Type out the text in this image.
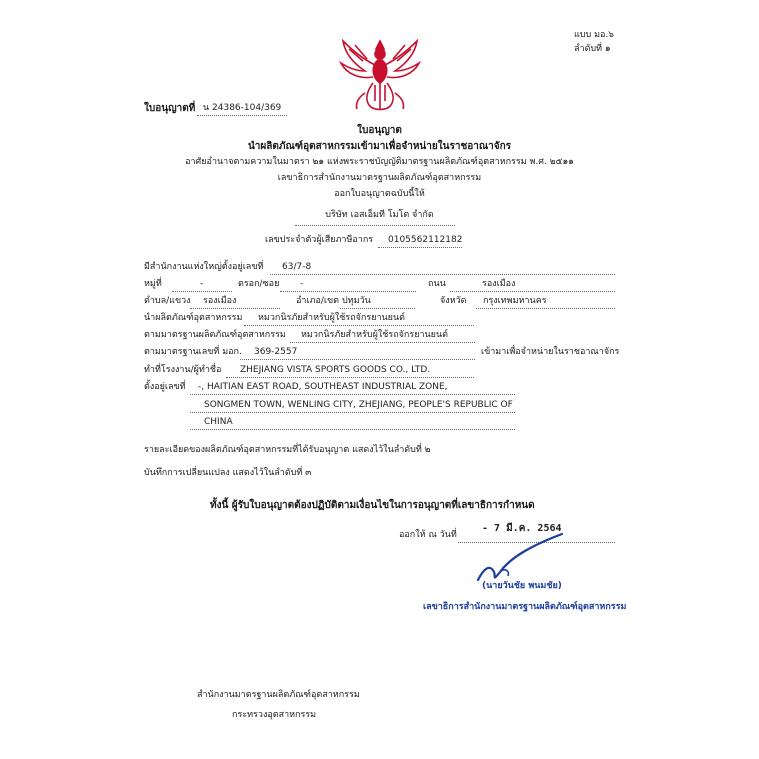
แบบ มอ.๖
ลำดับที่ ๑
ใบอนุญาตที่ น 24386-104/369
ใบอนุญาต
นำผลิตภัณฑ์อุตสาหกรรมเข้ามาเพื่อจำหน่ายในราชอาณาจักร
อาศัยอำนาจตามความในมาตรา ๒๑ แห่งพระราชบัญญัติมาตรฐานผลิตภัณฑ์อุตสาหกรรม พ.ศ. ๒๕๑๑
เลขาธิการสำนักงานมาตรฐานผลิตภัณฑ์อุตสาหกรรม
ออกใบอนุญาตฉบับนี้ให้
บริษัท เอสเอ็มที โมโต จำกัด
เลขประจำตัวผู้เสียภาษีอากร 0105562112182
มีสำนักงานแห่งใหญ่ตั้งอยู่เลขที่ 63/7-8
หมู่ที่	-	ตรอก/ซอย -	ถนน	รองเมือง
ตำบล/แขวง รองเมือง	อำเภอ/เขต ปทุมวัน	จังหวัด กรุงเทพมหานคร
นำผลิตภัณฑ์อุตสาหกรรม หมวกนิรภัยสำหรับผู้ใช้รถจักรยานยนต์
ตามมาตรฐานผลิตภัณฑ์อุตสาหกรรม หมวกนิรภัยสำหรับผู้ใช้รถจักรยานยนต์
ตามมาตรฐานเลขที่ มอก. 369-2557	เข้ามาเพื่อจำหน่ายในราชอาณาจักร
ทำที่โรงงาน/ผู้ทำชื่อ ZHEJIANG VISTA SPORTS GOODS CO., LTD.
ตั้งอยู่เลขที่ -, HAITIAN EAST ROAD, SOUTHEAST INDUSTRIAL ZONE,
SONGMEN TOWN, WENLING CITY, ZHEJIANG, PEOPLE'S REPUBLIC OF
CHINA
รายละเอียดของผลิตภัณฑ์อุตสาหกรรมที่ได้รับอนุญาต แสดงไว้ในลำดับที่ ๒
บันทึกการเปลี่ยนแปลง แสดงไว้ในลำดับที่ ๓
ทั้งนี้ ผู้รับใบอนุญาตต้องปฏิบัติตามเงื่อนไขในการอนุญาตที่เลขาธิการกำหนด
ออกให้ ณ วันที่
- 7 มี.ค. 2564
(นายวันชัย พนมชัย)
เลขาธิการสำนักงานมาตรฐานผลิตภัณฑ์อุตสาหกรรม
สำนักงานมาตรฐานผลิตภัณฑ์อุตสาหกรรม
กระทรวงอุตสาหกรรม
